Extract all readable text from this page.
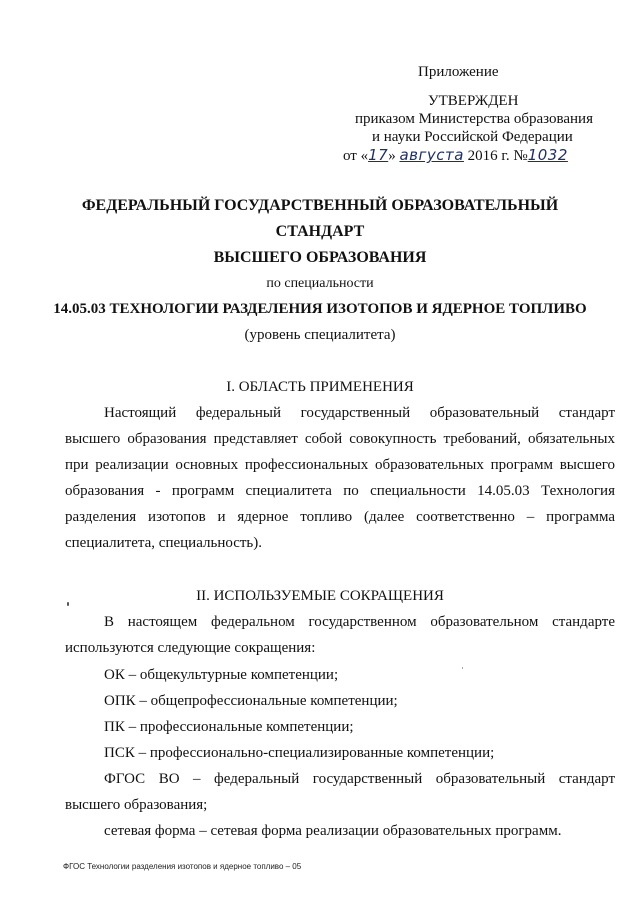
Приложение
УТВЕРЖДЕН
приказом Министерства образования
и науки Российской Федерации
от «17» августа 2016 г. №1032
ФЕДЕРАЛЬНЫЙ ГОСУДАРСТВЕННЫЙ ОБРАЗОВАТЕЛЬНЫЙ СТАНДАРТ
ВЫСШЕГО ОБРАЗОВАНИЯ
по специальности
14.05.03 ТЕХНОЛОГИИ РАЗДЕЛЕНИЯ ИЗОТОПОВ И ЯДЕРНОЕ ТОПЛИВО
(уровень специалитета)
I. ОБЛАСТЬ ПРИМЕНЕНИЯ
Настоящий федеральный государственный образовательный стандарт
высшего образования представляет собой совокупность требований, обязательных
при реализации основных профессиональных образовательных программ высшего
образования - программ специалитета по специальности 14.05.03 Технология
разделения изотопов и ядерное топливо (далее соответственно – программа
специалитета, специальность).
II. ИСПОЛЬЗУЕМЫЕ СОКРАЩЕНИЯ
В настоящем федеральном государственном образовательном стандарте
используются следующие сокращения:
ОК – общекультурные компетенции;
ОПК – общепрофессиональные компетенции;
ПК – профессиональные компетенции;
ПСК – профессионально-специализированные компетенции;
ФГОС ВО – федеральный государственный образовательный стандарт
высшего образования;
сетевая форма – сетевая форма реализации образовательных программ.
ФГОС Технологии разделения изотопов и ядерное топливо – 05
